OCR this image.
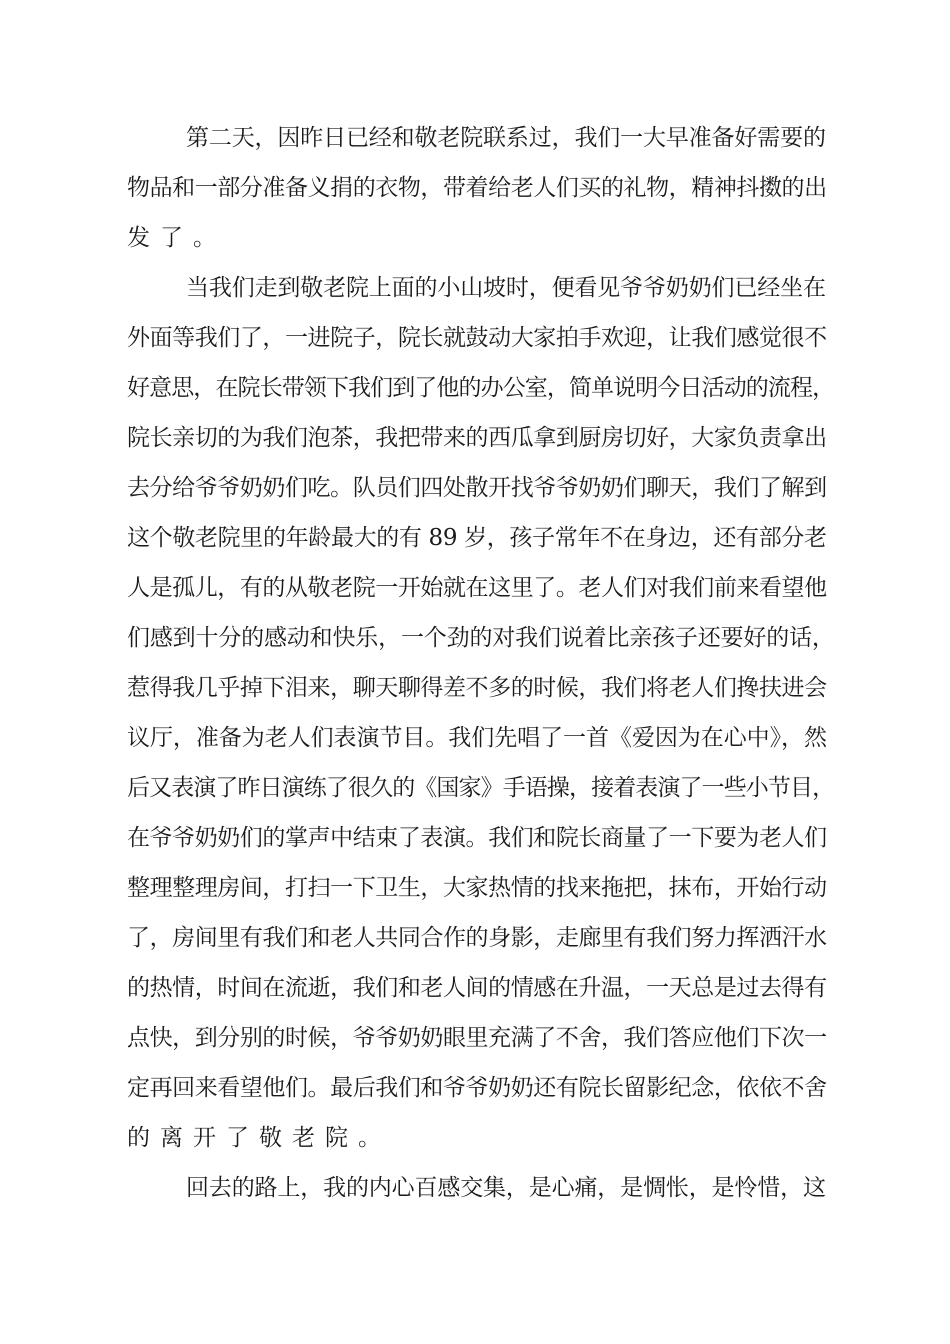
第二天，因昨日已经和敬老院联系过，我们一大早准备好需要的
物品和一部分准备义捐的衣物，带着给老人们买的礼物，精神抖擞的出
发了。
当我们走到敬老院上面的小山坡时，便看见爷爷奶奶们已经坐在
外面等我们了，一进院子，院长就鼓动大家拍手欢迎，让我们感觉很不
好意思，在院长带领下我们到了他的办公室，简单说明今日活动的流程，
院长亲切的为我们泡茶，我把带来的西瓜拿到厨房切好，大家负责拿出
去分给爷爷奶奶们吃。队员们四处散开找爷爷奶奶们聊天，我们了解到
这个敬老院里的年龄最大的有 89 岁，孩子常年不在身边，还有部分老
人是孤儿，有的从敬老院一开始就在这里了。老人们对我们前来看望他
们感到十分的感动和快乐，一个劲的对我们说着比亲孩子还要好的话，
惹得我几乎掉下泪来，聊天聊得差不多的时候，我们将老人们搀扶进会
议厅，准备为老人们表演节目。我们先唱了一首《爱因为在心中》，然
后又表演了昨日演练了很久的《国家》手语操，接着表演了一些小节目，
在爷爷奶奶们的掌声中结束了表演。我们和院长商量了一下要为老人们
整理整理房间，打扫一下卫生，大家热情的找来拖把，抹布，开始行动
了，房间里有我们和老人共同合作的身影，走廊里有我们努力挥洒汗水
的热情，时间在流逝，我们和老人间的情感在升温，一天总是过去得有
点快，到分别的时候，爷爷奶奶眼里充满了不舍，我们答应他们下次一
定再回来看望他们。最后我们和爷爷奶奶还有院长留影纪念，依依不舍
的离开了敬老院。
回去的路上，我的内心百感交集，是心痛，是惆怅，是怜惜，这
